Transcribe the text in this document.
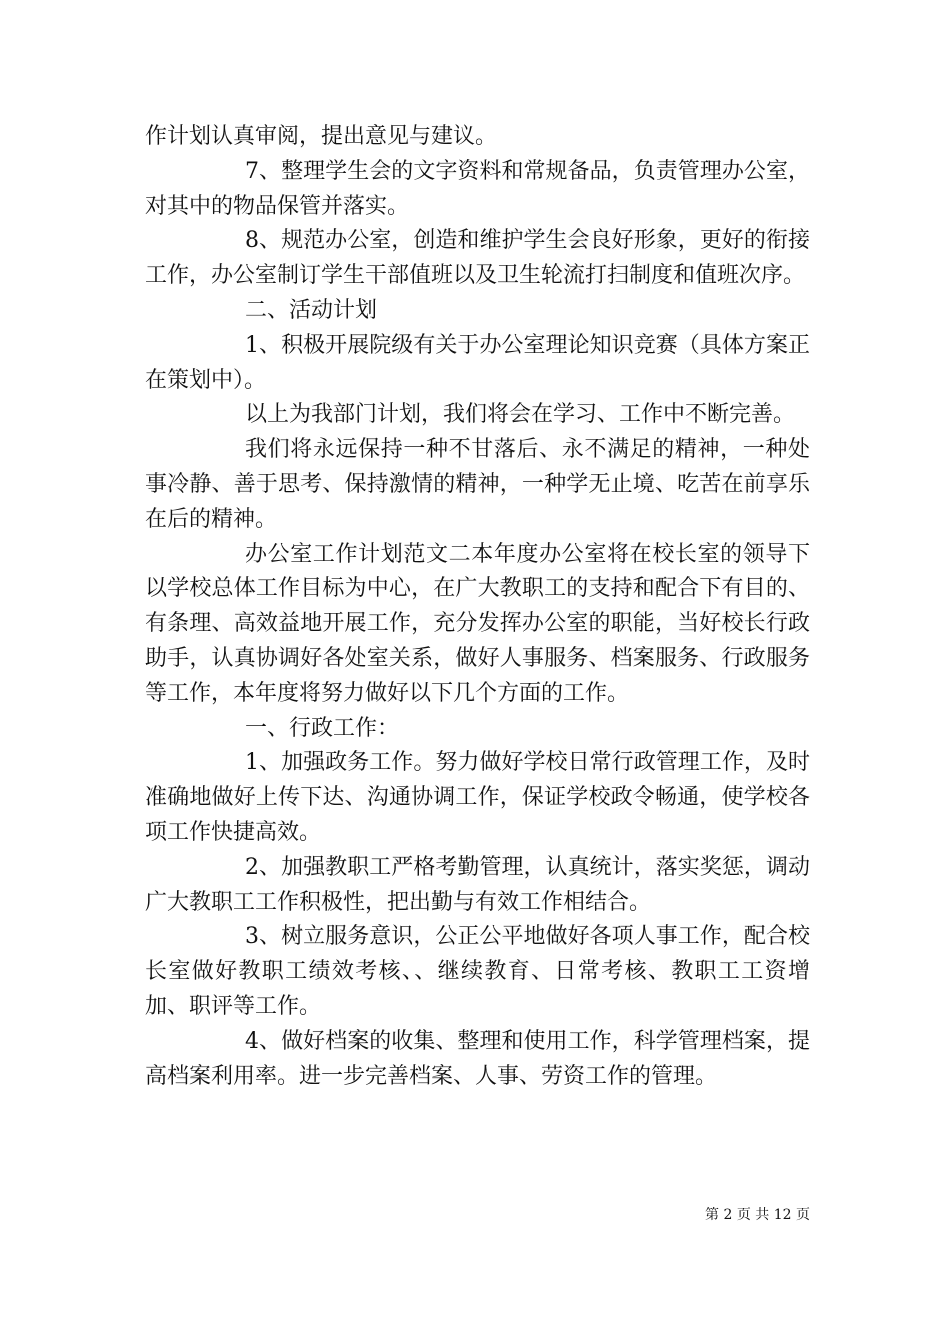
作计划认真审阅，提出意见与建议。

7、整理学生会的文字资料和常规备品，负责管理办公室，对其中的物品保管并落实。

8、规范办公室，创造和维护学生会良好形象，更好的衔接工作，办公室制订学生干部值班以及卫生轮流打扫制度和值班次序。

二、活动计划

1、积极开展院级有关于办公室理论知识竞赛（具体方案正在策划中）。

以上为我部门计划，我们将会在学习、工作中不断完善。

我们将永远保持一种不甘落后、永不满足的精神，一种处事冷静、善于思考、保持激情的精神，一种学无止境、吃苦在前享乐在后的精神。

办公室工作计划范文二本年度办公室将在校长室的领导下以学校总体工作目标为中心，在广大教职工的支持和配合下有目的、有条理、高效益地开展工作，充分发挥办公室的职能，当好校长行政助手，认真协调好各处室关系，做好人事服务、档案服务、行政服务等工作，本年度将努力做好以下几个方面的工作。

一、行政工作：

1、加强政务工作。努力做好学校日常行政管理工作，及时准确地做好上传下达、沟通协调工作，保证学校政令畅通，使学校各项工作快捷高效。

2、加强教职工严格考勤管理，认真统计，落实奖惩，调动广大教职工工作积极性，把出勤与有效工作相结合。

3、树立服务意识，公正公平地做好各项人事工作，配合校长室做好教职工绩效考核、、继续教育、日常考核、教职工工资增加、职评等工作。

4、做好档案的收集、整理和使用工作，科学管理档案，提高档案利用率。进一步完善档案、人事、劳资工作的管理。

第 2 页 共 12 页
